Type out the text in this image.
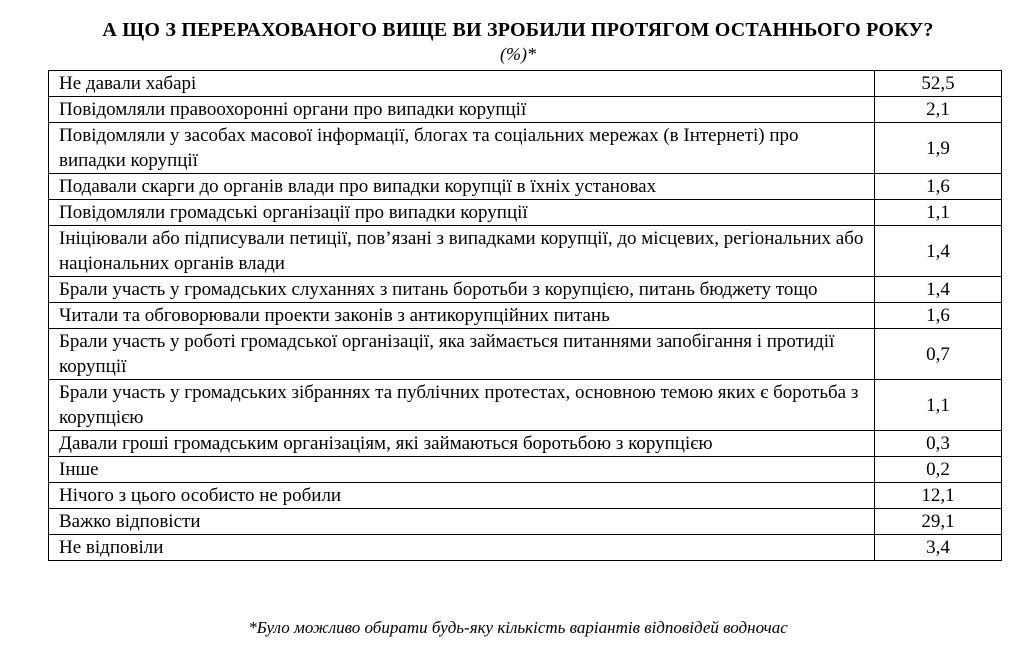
А ЩО З ПЕРЕРАХОВАНОГО ВИЩЕ ВИ ЗРОБИЛИ ПРОТЯГОМ ОСТАННЬОГО РОКУ?
(%)*
Не давали хабарі	52,5
Повідомляли правоохоронні органи про випадки корупції	2,1
Повідомляли у засобах масової інформації, блогах та соціальних мережах (в Інтернеті) про випадки корупції	1,9
Подавали скарги до органів влади про випадки корупції в їхніх установах	1,6
Повідомляли громадські організації про випадки корупції	1,1
Ініціювали або підписували петиції, пов’язані з випадками корупції, до місцевих, регіональних або національних органів влади	1,4
Брали участь у громадських слуханнях з питань боротьби з корупцією, питань бюджету тощо	1,4
Читали та обговорювали проекти законів з антикорупційних питань	1,6
Брали участь у роботі громадської організації, яка займається питаннями запобігання і протидії корупції	0,7
Брали участь у громадських зібраннях та публічних протестах, основною темою яких є боротьба з корупцією	1,1
Давали гроші громадським організаціям, які займаються боротьбою з корупцією	0,3
Інше	0,2
Нічого з цього особисто не робили	12,1
Важко відповісти	29,1
Не відповіли	3,4
*Було можливо обирати будь-яку кількість варіантів відповідей водночас
